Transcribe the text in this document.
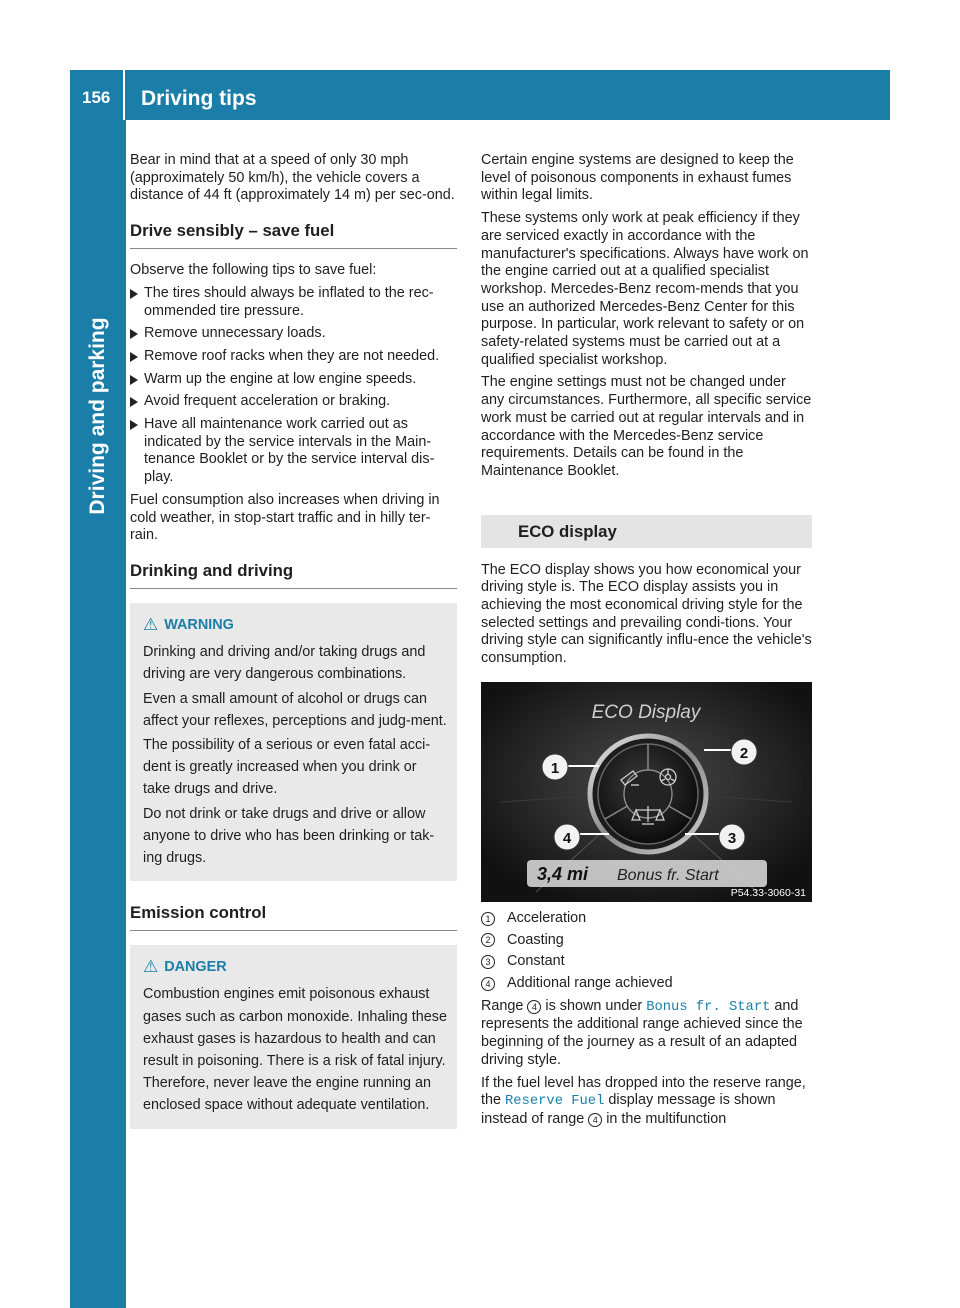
156 Driving tips
Driving and parking

Bear in mind that at a speed of only 30 mph (approximately 50 km/h), the vehicle covers a distance of 44 ft (approximately 14 m) per sec-ond.

Drive sensibly – save fuel

Observe the following tips to save fuel:

The tires should always be inflated to the rec-ommended tire pressure.
Remove unnecessary loads.
Remove roof racks when they are not needed.
Warm up the engine at low engine speeds.
Avoid frequent acceleration or braking.
Have all maintenance work carried out as indicated by the service intervals in the Main-tenance Booklet or by the service interval dis-play.

Fuel consumption also increases when driving in cold weather, in stop-start traffic and in hilly ter-rain.

Drinking and driving
⚠ WARNING

Drinking and driving and/or taking drugs and driving are very dangerous combinations.

Even a small amount of alcohol or drugs can affect your reflexes, perceptions and judg-ment.

The possibility of a serious or even fatal acci-dent is greatly increased when you drink or take drugs and drive.

Do not drink or take drugs and drive or allow anyone to drive who has been drinking or tak-ing drugs.

Emission control
⚠ DANGER

Combustion engines emit poisonous exhaust gases such as carbon monoxide. Inhaling these exhaust gases is hazardous to health and can result in poisoning. There is a risk of fatal injury. Therefore, never leave the engine running an enclosed space without adequate ventilation.

Certain engine systems are designed to keep the level of poisonous components in exhaust fumes within legal limits.

These systems only work at peak efficiency if they are serviced exactly in accordance with the manufacturer's specifications. Always have work on the engine carried out at a qualified specialist workshop. Mercedes-Benz recom-mends that you use an authorized Mercedes-Benz Center for this purpose. In particular, work relevant to safety or on safety-related systems must be carried out at a qualified specialist workshop.

The engine settings must not be changed under any circumstances. Furthermore, all specific service work must be carried out at regular intervals and in accordance with the Mercedes-Benz service requirements. Details can be found in the Maintenance Booklet.

ECO display

The ECO display shows you how economical your driving style is. The ECO display assists you in achieving the most economical driving style for the selected settings and prevailing condi-tions. Your driving style can significantly influ-ence the vehicle's consumption.

ECO Display
1
2
3
4
3,4 mi Bonus fr. Start
P54.33-3060-31
1	Acceleration
2	Coasting
3	Constant
4	Additional range achieved

Range 4 is shown under Bonus fr. Start and represents the additional range achieved since the beginning of the journey as a result of an adapted driving style.

If the fuel level has dropped into the reserve range, the Reserve Fuel display message is shown instead of range 4 in the multifunction
